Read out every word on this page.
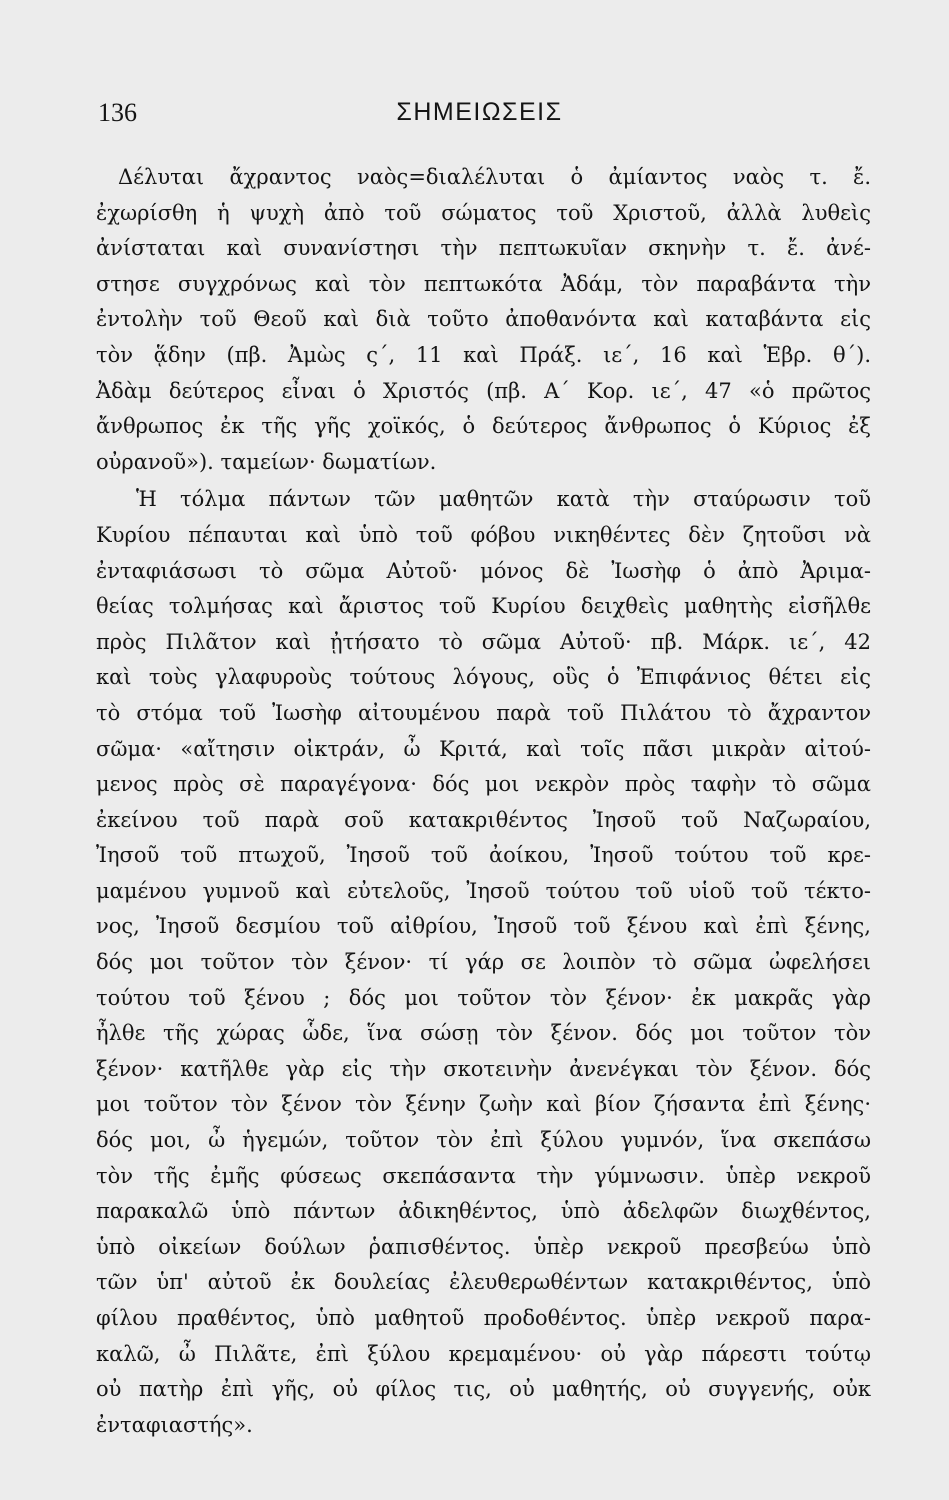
136	ΣΗΜΕΙΩΣΕΙΣ
Δέλυται ἄχραντος ναὸς=διαλέλυται ὁ ἀμίαντος ναὸς τ. ἔ.
ἐχωρίσθη ἡ ψυχὴ ἀπὸ τοῦ σώματος τοῦ Χριστοῦ, ἀλλὰ λυθεὶς
ἀνίσταται καὶ συνανίστησι τὴν πεπτωκυῖαν σκηνὴν τ. ἔ. ἀνέ-
στησε συγχρόνως καὶ τὸν πεπτωκότα Ἀδάμ, τὸν παραβάντα τὴν
ἐντολὴν τοῦ Θεοῦ καὶ διὰ τοῦτο ἀποθανόντα καὶ καταβάντα εἰς
τὸν ᾅδην (πβ. Ἀμὼς ς΄, 11 καὶ Πράξ. ιε΄, 16 καὶ Ἑβρ. θ΄).
Ἀδὰμ δεύτερος εἶναι ὁ Χριστός (πβ. Α΄ Κορ. ιε΄, 47 «ὁ πρῶτος
ἄνθρωπος ἐκ τῆς γῆς χοϊκός, ὁ δεύτερος ἄνθρωπος ὁ Κύριος ἐξ
οὐρανοῦ»). ταμείων· δωματίων.
Ἡ τόλμα πάντων τῶν μαθητῶν κατὰ τὴν σταύρωσιν τοῦ
Κυρίου πέπαυται καὶ ὑπὸ τοῦ φόβου νικηθέντες δὲν ζητοῦσι νὰ
ἐνταφιάσωσι τὸ σῶμα Αὐτοῦ· μόνος δὲ Ἰωσὴφ ὁ ἀπὸ Ἀριμα-
θείας τολμήσας καὶ ἄριστος τοῦ Κυρίου δειχθεὶς μαθητὴς εἰσῆλθε
πρὸς Πιλᾶτον καὶ ᾐτήσατο τὸ σῶμα Αὐτοῦ· πβ. Μάρκ. ιε΄, 42
καὶ τοὺς γλαφυροὺς τούτους λόγους, οὓς ὁ Ἐπιφάνιος θέτει εἰς
τὸ στόμα τοῦ Ἰωσὴφ αἰτουμένου παρὰ τοῦ Πιλάτου τὸ ἄχραντον
σῶμα· «αἴτησιν οἰκτράν, ὦ Κριτά, καὶ τοῖς πᾶσι μικρὰν αἰτού-
μενος πρὸς σὲ παραγέγονα· δός μοι νεκρὸν πρὸς ταφὴν τὸ σῶμα
ἐκείνου τοῦ παρὰ σοῦ κατακριθέντος Ἰησοῦ τοῦ Ναζωραίου,
Ἰησοῦ τοῦ πτωχοῦ, Ἰησοῦ τοῦ ἀοίκου, Ἰησοῦ τούτου τοῦ κρε-
μαμένου γυμνοῦ καὶ εὐτελοῦς, Ἰησοῦ τούτου τοῦ υἱοῦ τοῦ τέκτο-
νος, Ἰησοῦ δεσμίου τοῦ αἰθρίου, Ἰησοῦ τοῦ ξένου καὶ ἐπὶ ξένης,
δός μοι τοῦτον τὸν ξένον· τί γάρ σε λοιπὸν τὸ σῶμα ὠφελήσει
τούτου τοῦ ξένου ; δός μοι τοῦτον τὸν ξένον· ἐκ μακρᾶς γὰρ
ἦλθε τῆς χώρας ὧδε, ἵνα σώσῃ τὸν ξένον. δός μοι τοῦτον τὸν
ξένον· κατῆλθε γὰρ εἰς τὴν σκοτεινὴν ἀνενέγκαι τὸν ξένον. δός
μοι τοῦτον τὸν ξένον τὸν ξένην ζωὴν καὶ βίον ζήσαντα ἐπὶ ξένης·
δός μοι, ὦ ἡγεμών, τοῦτον τὸν ἐπὶ ξύλου γυμνόν, ἵνα σκεπάσω
τὸν τῆς ἐμῆς φύσεως σκεπάσαντα τὴν γύμνωσιν. ὑπὲρ νεκροῦ
παρακαλῶ ὑπὸ πάντων ἀδικηθέντος, ὑπὸ ἀδελφῶν διωχθέντος,
ὑπὸ οἰκείων δούλων ῥαπισθέντος. ὑπὲρ νεκροῦ πρεσβεύω ὑπὸ
τῶν ὑπ' αὐτοῦ ἐκ δουλείας ἐλευθερωθέντων κατακριθέντος, ὑπὸ
φίλου πραθέντος, ὑπὸ μαθητοῦ προδοθέντος. ὑπὲρ νεκροῦ παρα-
καλῶ, ὦ Πιλᾶτε, ἐπὶ ξύλου κρεμαμένου· οὐ γὰρ πάρεστι τούτῳ
οὐ πατὴρ ἐπὶ γῆς, οὐ φίλος τις, οὐ μαθητής, οὐ συγγενής, οὐκ
ἐνταφιαστής».
